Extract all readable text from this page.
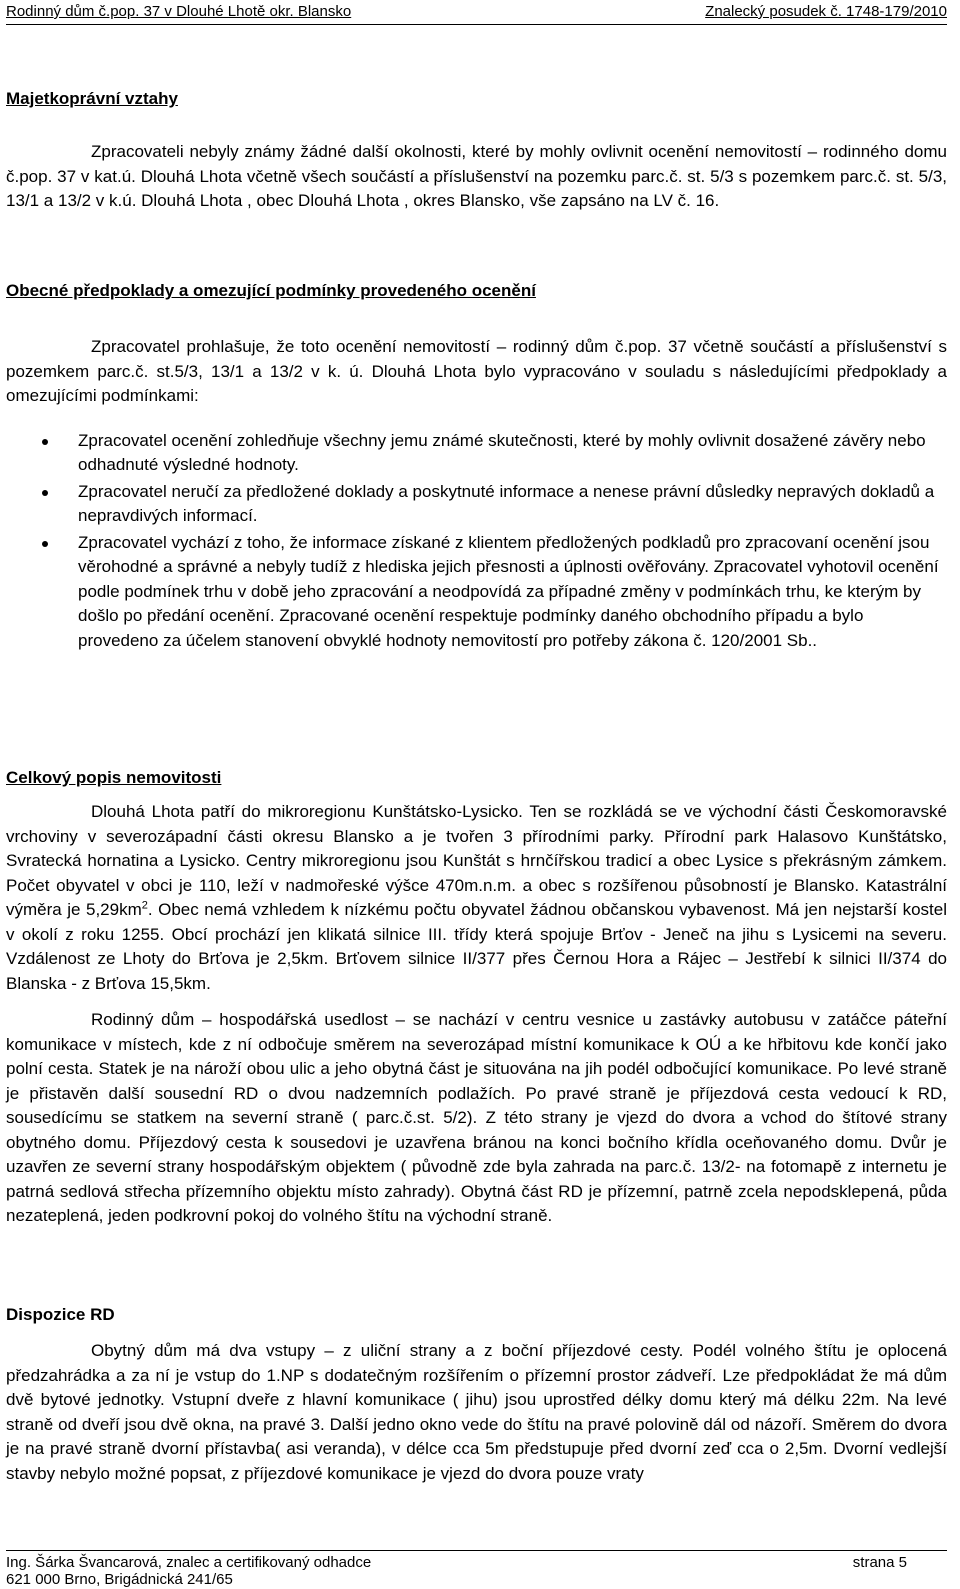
Rodinný dům č.pop. 37 v Dlouhé Lhotě okr. Blansko	Znalecký posudek č. 1748-179/2010
Majetkoprávní vztahy

Zpracovateli nebyly známy žádné další okolnosti, které by mohly ovlivnit ocenění nemovitostí – rodinného domu č.pop. 37 v kat.ú. Dlouhá Lhota včetně všech součástí a příslušenství na pozemku parc.č. st. 5/3 s pozemkem parc.č. st. 5/3, 13/1 a 13/2 v k.ú. Dlouhá Lhota , obec Dlouhá Lhota , okres Blansko, vše zapsáno na LV č. 16.

Obecné předpoklady a omezující podmínky provedeného ocenění

Zpracovatel prohlašuje, že toto ocenění nemovitostí – rodinný dům č.pop. 37 včetně součástí a příslušenství s pozemkem parc.č. st.5/3, 13/1 a 13/2 v k. ú. Dlouhá Lhota bylo vypracováno v souladu s následujícími předpoklady a omezujícími podmínkami:

Zpracovatel ocenění zohledňuje všechny jemu známé skutečnosti, které by mohly ovlivnit dosažené závěry nebo odhadnuté výsledné hodnoty.
Zpracovatel neručí za předložené doklady a poskytnuté informace a nenese právní důsledky nepravých dokladů a nepravdivých informací.
Zpracovatel vychází z toho, že informace získané z klientem předložených podkladů pro zpracovaní ocenění jsou věrohodné a správné a nebyly tudíž z hlediska jejich přesnosti a úplnosti ověřovány. Zpracovatel vyhotovil ocenění podle podmínek trhu v době jeho zpracování a neodpovídá za případné změny v podmínkách trhu, ke kterým by došlo po předání ocenění. Zpracované ocenění respektuje podmínky daného obchodního případu a bylo provedeno za účelem stanovení obvyklé hodnoty nemovitostí pro potřeby zákona č. 120/2001 Sb..
Celkový popis nemovitosti

Dlouhá Lhota patří do mikroregionu Kunštátsko-Lysicko. Ten se rozkládá se ve východní části Českomoravské vrchoviny v severozápadní části okresu Blansko a je tvořen 3 přírodními parky. Přírodní park Halasovo Kunštátsko, Svratecká hornatina a Lysicko. Centry mikroregionu jsou Kunštát s hrnčířskou tradicí a obec Lysice s překrásným zámkem. Počet obyvatel v obci je 110, leží v nadmořeské výšce 470m.n.m. a obec s rozšířenou působností je Blansko. Katastrální výměra je $5,29km^2$. Obec nemá vzhledem k nízkému počtu obyvatel žádnou občanskou vybavenost. Má jen nejstarší kostel v okolí z roku 1255. Obcí prochází jen klikatá silnice III. třídy která spojuje Brťov - Jeneč na jihu s Lysicemi na severu. Vzdálenost ze Lhoty do Brťova je 2,5km. Brťovem silnice II/377 přes Černou Hora a Rájec – Jestřebí k silnici II/374 do Blanska - z Brťova 15,5km.

Rodinný dům – hospodářská usedlost – se nachází v centru vesnice u zastávky autobusu v zatáčce páteřní komunikace v místech, kde z ní odbočuje směrem na severozápad místní komunikace k OÚ a ke hřbitovu kde končí jako polní cesta. Statek je na nároží obou ulic a jeho obytná část je situována na jih podél odbočující komunikace. Po levé straně je přistavěn další sousední RD o dvou nadzemních podlažích. Po pravé straně je příjezdová cesta vedoucí k RD, sousedícímu se statkem na severní straně ( parc.č.st. 5/2). Z této strany je vjezd do dvora a vchod do štítové strany obytného domu. Příjezdový cesta k sousedovi je uzavřena bránou na konci bočního křídla oceňovaného domu. Dvůr je uzavřen ze severní strany hospodářským objektem ( původně zde byla zahrada na parc.č. 13/2- na fotomapě z internetu je patrná sedlová střecha přízemního objektu místo zahrady). Obytná část RD je přízemní, patrně zcela nepodsklepená, půda nezateplená, jeden podkrovní pokoj do volného štítu na východní straně.

Dispozice RD

Obytný dům má dva vstupy – z uliční strany a z boční příjezdové cesty. Podél volného štítu je oplocená předzahrádka a za ní je vstup do 1.NP s dodatečným rozšířením o přízemní prostor zádveří. Lze předpokládat že má dům dvě bytové jednotky. Vstupní dveře z hlavní komunikace ( jihu) jsou uprostřed délky domu který má délku 22m. Na levé straně od dveří jsou dvě okna, na pravé 3. Další jedno okno vede do štítu na pravé polovině dál od názoří. Směrem do dvora je na pravé straně dvorní přístavba( asi veranda), v délce cca 5m předstupuje před dvorní zeď cca o 2,5m. Dvorní vedlejší stavby nebylo možné popsat, z příjezdové komunikace je vjezd do dvora pouze vraty

Ing. Šárka Švancarová, znalec a certifikovaný odhadce	strana 5
621 000 Brno, Brigádnická 241/65
